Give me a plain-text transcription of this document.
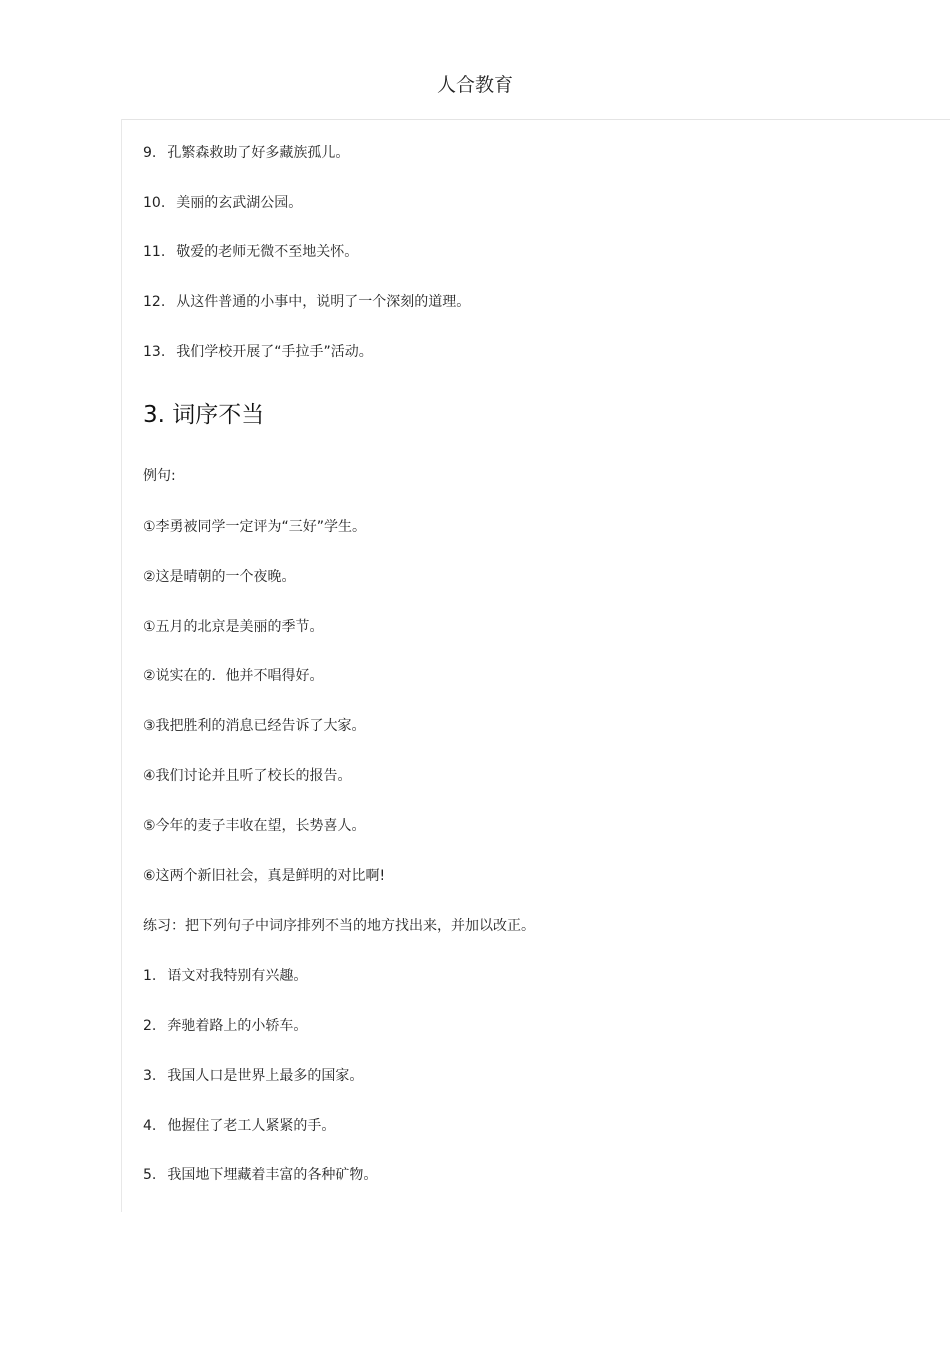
人合教育
9. 孔繁森救助了好多藏族孤儿。
10. 美丽的玄武湖公园。
11. 敬爱的老师无微不至地关怀。
12. 从这件普通的小事中，说明了一个深刻的道理。
13. 我们学校开展了“手拉手”活动。
3. 词序不当
例句:
①李勇被同学一定评为“三好”学生。
②这是晴朝的一个夜晚。
①五月的北京是美丽的季节。
②说实在的．他并不唱得好。
③我把胜利的消息已经告诉了大家。
④我们讨论并且听了校长的报告。
⑤今年的麦子丰收在望，长势喜人。
⑥这两个新旧社会，真是鲜明的对比啊!
练习：把下列句子中词序排列不当的地方找出来，并加以改正。
1. 语文对我特别有兴趣。
2. 奔驰着路上的小轿车。
3. 我国人口是世界上最多的国家。
4. 他握住了老工人紧紧的手。
5. 我国地下埋藏着丰富的各种矿物。
